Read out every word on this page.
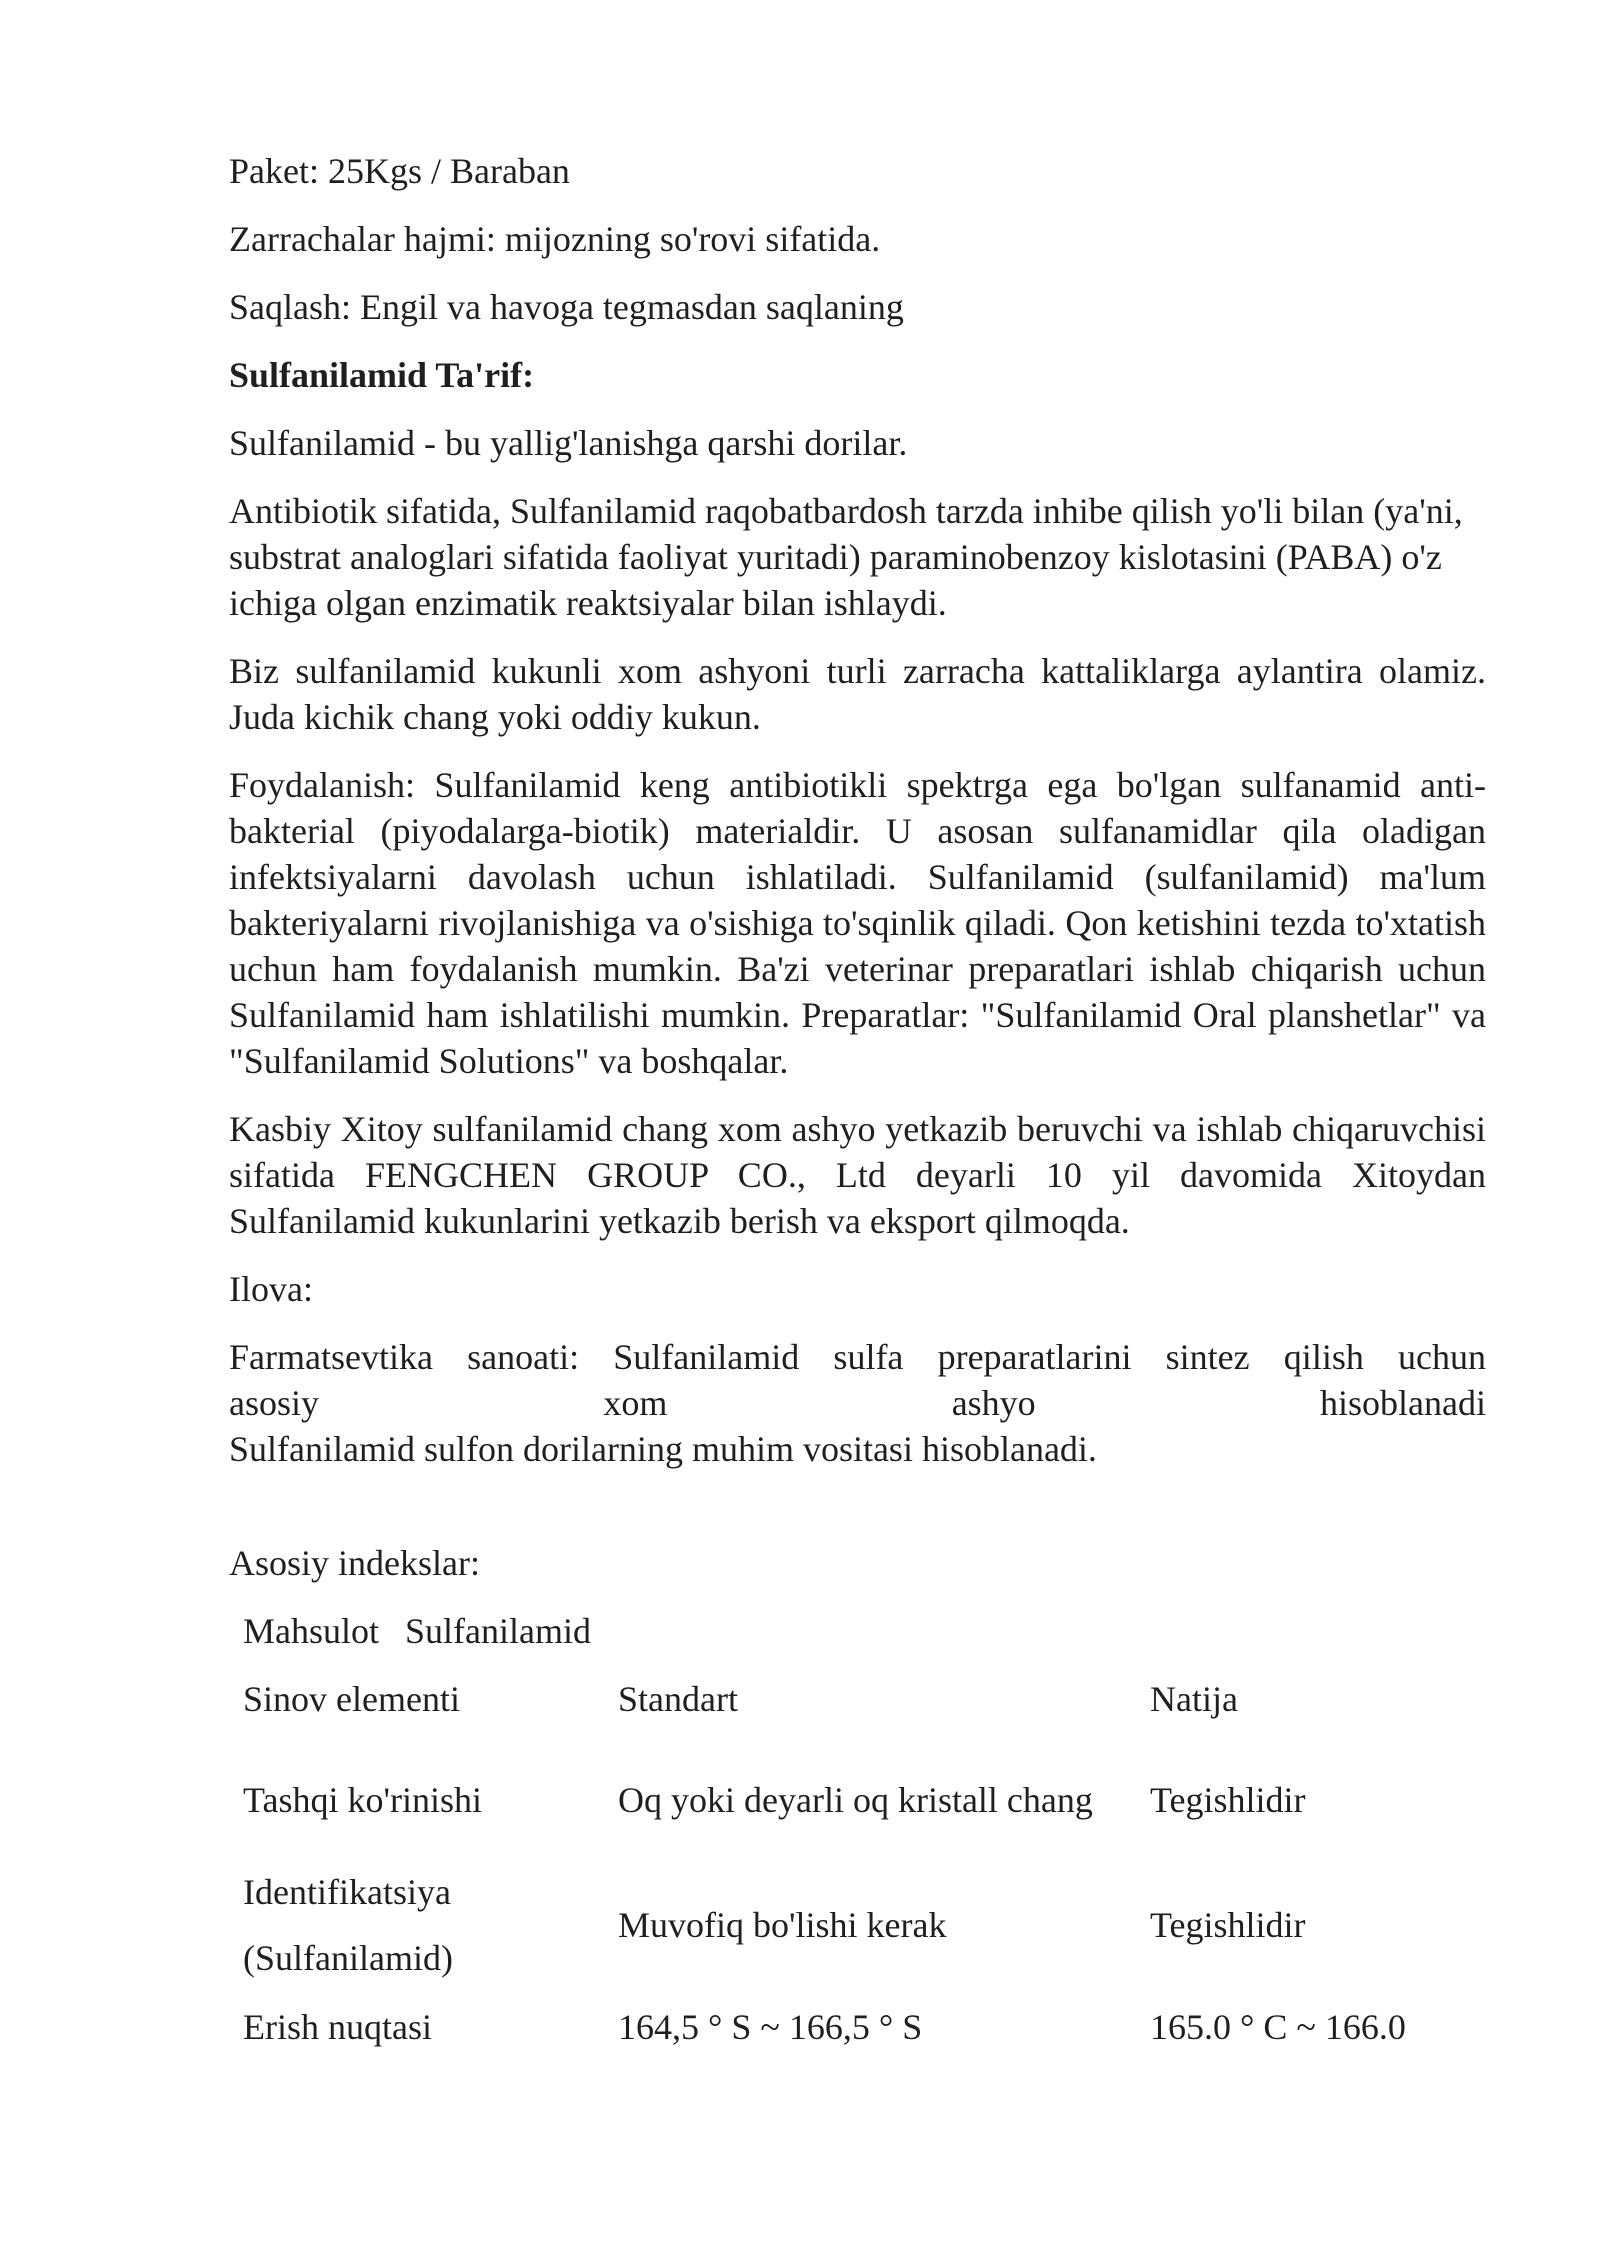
Paket: 25Kgs / Baraban
Zarrachalar hajmi: mijozning so'rovi sifatida.
Saqlash: Engil va havoga tegmasdan saqlaning
Sulfanilamid Ta'rif:
Sulfanilamid - bu yallig'lanishga qarshi dorilar.
Antibiotik sifatida, Sulfanilamid raqobatbardosh tarzda inhibe qilish yo'li bilan (ya'ni, substrat analoglari sifatida faoliyat yuritadi) paraminobenzoy kislotasini (PABA) o'z ichiga olgan enzimatik reaktsiyalar bilan ishlaydi.
Biz sulfanilamid kukunli xom ashyoni turli zarracha kattaliklarga aylantira olamiz. Juda kichik chang yoki oddiy kukun.
Foydalanish: Sulfanilamid keng antibiotikli spektrga ega bo'lgan sulfanamid anti-bakterial (piyodalarga-biotik) materialdir. U asosan sulfanamidlar qila oladigan infektsiyalarni davolash uchun ishlatiladi. Sulfanilamid (sulfanilamid) ma'lum bakteriyalarni rivojlanishiga va o'sishiga to'sqinlik qiladi. Qon ketishini tezda to'xtatish uchun ham foydalanish mumkin. Ba'zi veterinar preparatlari ishlab chiqarish uchun Sulfanilamid ham ishlatilishi mumkin. Preparatlar: "Sulfanilamid Oral planshetlar" va "Sulfanilamid Solutions" va boshqalar.
Kasbiy Xitoy sulfanilamid chang xom ashyo yetkazib beruvchi va ishlab chiqaruvchisi sifatida FENGCHEN GROUP CO., Ltd deyarli 10 yil davomida Xitoydan Sulfanilamid kukunlarini yetkazib berish va eksport qilmoqda.
Ilova:
Farmatsevtika sanoati: Sulfanilamid sulfa preparatlarini sintez qilish uchun
asosiy xom ashyo hisoblanadi
Sulfanilamid sulfon dorilarning muhim vositasi hisoblanadi.
Asosiy indekslar:
Mahsulot Sulfanilamid
Sinov elementi	Standart	Natija
Tashqi ko'rinishi	Oq yoki deyarli oq kristall chang	Tegishlidir

Identifikatsiya
(Sulfanilamid)	Muvofiq bo'lishi kerak	Tegishlidir
Erish nuqtasi	164,5 ° S ~ 166,5 ° S	165.0 ° C ~ 166.0
